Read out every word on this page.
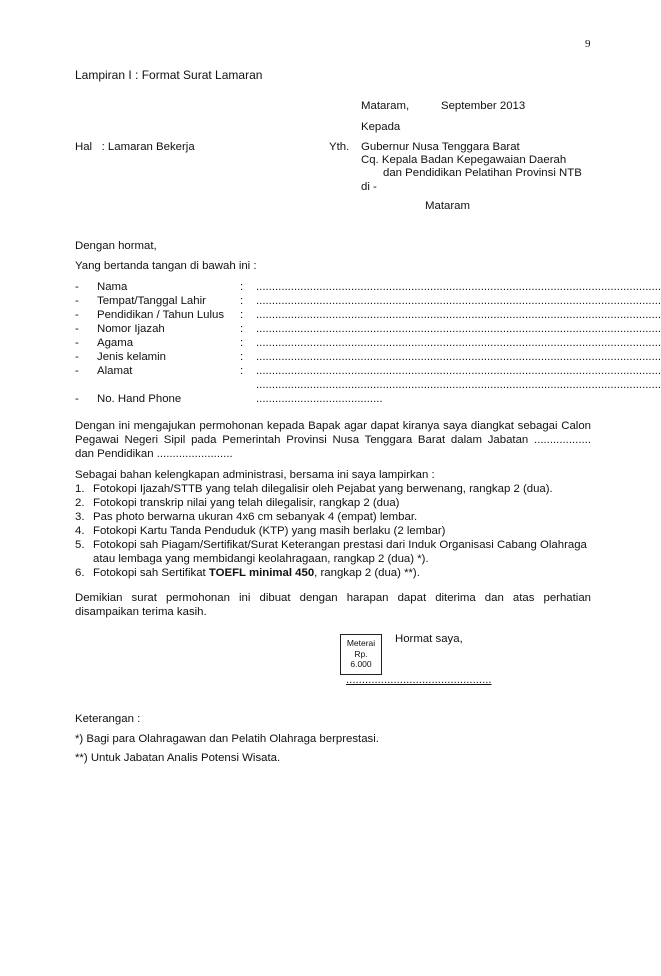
9
Lampiran I : Format Surat Lamaran
Mataram,	September 2013
Kepada
Hal   : Lamaran Bekerja	Yth. Gubernur Nusa Tenggara Barat
Cq. Kepala Badan Kepegawaian Daerah
dan Pendidikan Pelatihan Provinsi NTB
di -
Mataram
Dengan hormat,
Yang bertanda tangan di bawah ini :
- Nama	: ................................................................................................................................
- Tempat/Tanggal Lahir	: ................................................................................................................................
- Pendidikan / Tahun Lulus : ................................................................................................................................
- Nomor Ijazah	: ................................................................................................................................
- Agama	: ................................................................................................................................
- Jenis kelamin	: ................................................................................................................................
- Alamat	: ................................................................................................................................
................................................................................................................................
- No. Hand Phone	........................................
Dengan ini mengajukan permohonan kepada Bapak agar dapat kiranya saya diangkat sebagai Calon
Pegawai Negeri Sipil pada Pemerintah Provinsi Nusa Tenggara Barat dalam Jabatan ..................
dan Pendidikan ........................
Sebagai bahan kelengkapan administrasi, bersama ini saya lampirkan :
1. Fotokopi Ijazah/STTB yang telah dilegalisir oleh Pejabat yang berwenang, rangkap 2 (dua).
2. Fotokopi transkrip nilai yang telah dilegalisir, rangkap 2 (dua)
3. Pas photo berwarna ukuran 4x6 cm sebanyak 4 (empat) lembar.
4. Fotokopi Kartu Tanda Penduduk (KTP) yang masih berlaku (2 lembar)
5. Fotokopi sah Piagam/Sertifikat/Surat Keterangan prestasi dari Induk Organisasi Cabang Olahraga
atau lembaga yang membidangi keolahragaan, rangkap 2 (dua) *).
6. Fotokopi sah Sertifikat TOEFL minimal 450, rangkap 2 (dua) **).
Demikian surat permohonan ini dibuat dengan harapan dapat diterima dan atas perhatian
disampaikan terima kasih.
Hormat saya,
Meterai
Rp.
6.000
..............................................
Keterangan :
*) Bagi para Olahragawan dan Pelatih Olahraga berprestasi.
**) Untuk Jabatan Analis Potensi Wisata.
